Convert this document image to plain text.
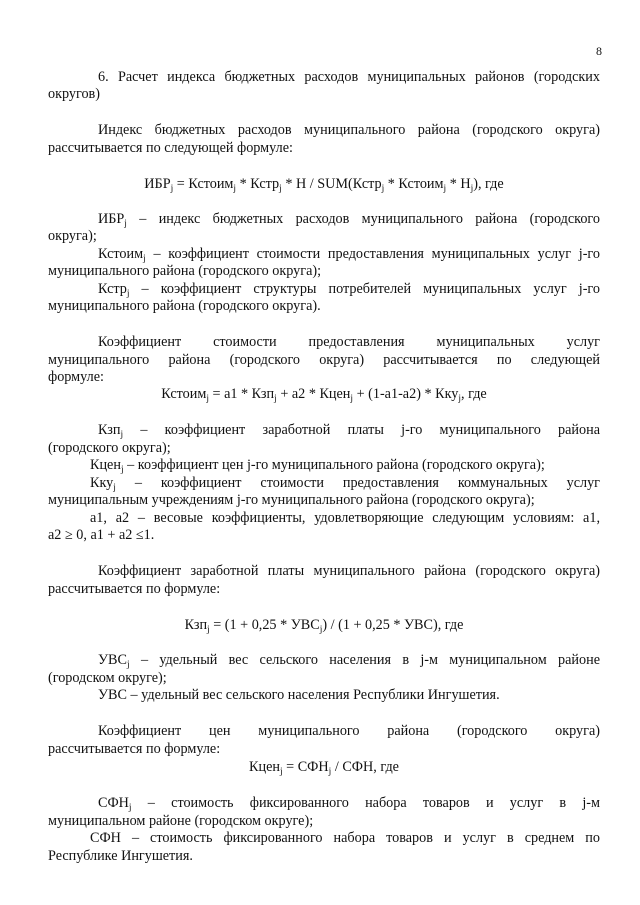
8
6. Расчет индекса бюджетных расходов муниципальных районов (городских
округов)
Индекс бюджетных расходов муниципального района (городского округа)
рассчитывается по следующей формуле:
$ИБР_j$ = Кстоим$_j$ * Кстр$_j$ * Н / SUM(Кстр$_j$ * Кстоим$_j$ * $Н_j$), где
$ИБР_j$ – индекс бюджетных расходов муниципального района (городского
округа);
Кстоим$_j$ – коэффициент стоимости предоставления муниципальных услуг j-го
муниципального района (городского округа);
Кстр$_j$ – коэффициент структуры потребителей муниципальных услуг j-го
муниципального района (городского округа).
Коэффициент стоимости предоставления муниципальных услуг
муниципального района (городского округа) рассчитывается по следующей
формуле:
Кстоим$_j$ = a1 * Кзп$_j$ + a2 * Кцен$_j$ + (1-a1-a2) * Кку$_j$, где
Кзп$_j$ – коэффициент заработной платы j-го муниципального района
(городского округа);
Кцен$_j$ – коэффициент цен j-го муниципального района (городского округа);
Кку$_j$ – коэффициент стоимости предоставления коммунальных услуг
муниципальным учреждениям j-го муниципального района (городского округа);
a1, a2 – весовые коэффициенты, удовлетворяющие следующим условиям: a1,
a2 ≥ 0, a1 + a2 ≤1.
Коэффициент заработной платы муниципального района (городского округа)
рассчитывается по формуле:
$Кзп_j = (1 + 0,25 * УВС_j) / (1 + 0,25 * УВС)$, где
$УВС_j$ – удельный вес сельского населения в j-м муниципальном районе
(городском округе);
УВС – удельный вес сельского населения Республики Ингушетия.
Коэффициент цен муниципального района (городского округа)
рассчитывается по формуле:
Кцен$_j$ = $СФН_j$ / СФН, где
$СФН_j$ – стоимость фиксированного набора товаров и услуг в j-м
муниципальном районе (городском округе);
СФН – стоимость фиксированного набора товаров и услуг в среднем по
Республике Ингушетия.
